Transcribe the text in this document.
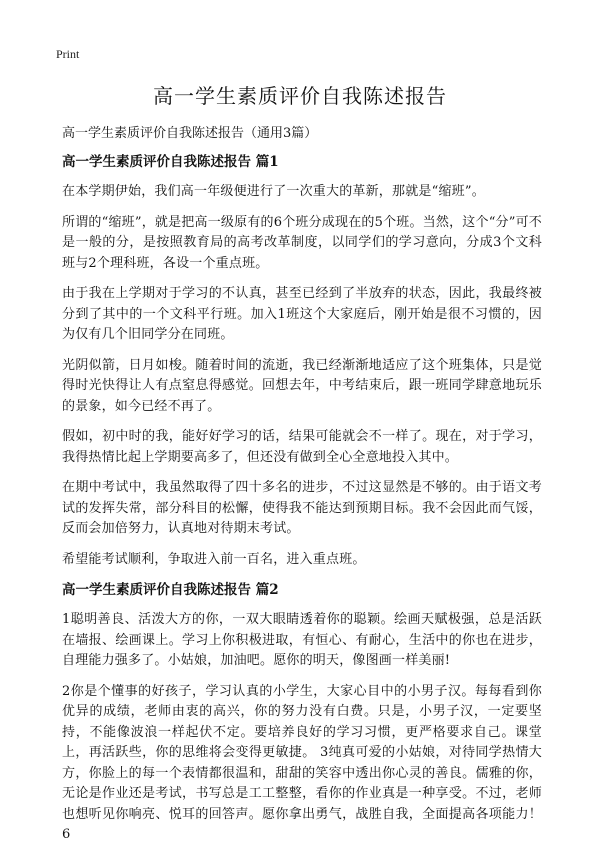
Print
高一学生素质评价自我陈述报告

高一学生素质评价自我陈述报告（通用3篇）

高一学生素质评价自我陈述报告 篇1

在本学期伊始，我们高一年级便进行了一次重大的革新，那就是“缩班”。

所谓的“缩班”，就是把高一级原有的6个班分成现在的5个班。当然，这个“分”可不是一般的分，是按照教育局的高考改革制度，以同学们的学习意向，分成3个文科班与2个理科班，各设一个重点班。

由于我在上学期对于学习的不认真，甚至已经到了半放弃的状态，因此，我最终被分到了其中的一个文科平行班。加入1班这个大家庭后，刚开始是很不习惯的，因为仅有几个旧同学分在同班。

光阴似箭，日月如梭。随着时间的流逝，我已经渐渐地适应了这个班集体，只是觉得时光快得让人有点窒息得感觉。回想去年，中考结束后，跟一班同学肆意地玩乐的景象，如今已经不再了。

假如，初中时的我，能好好学习的话，结果可能就会不一样了。现在，对于学习，我得热情比起上学期要高多了，但还没有做到全心全意地投入其中。

在期中考试中，我虽然取得了四十多名的进步，不过这显然是不够的。由于语文考试的发挥失常，部分科目的松懈，使得我不能达到预期目标。我不会因此而气馁，反而会加倍努力，认真地对待期末考试。

希望能考试顺利，争取进入前一百名，进入重点班。

高一学生素质评价自我陈述报告 篇2

1聪明善良、活泼大方的你，一双大眼睛透着你的聪颖。绘画天赋极强，总是活跃在墙报、绘画课上。学习上你积极进取，有恒心、有耐心，生活中的你也在进步，自理能力强多了。小姑娘，加油吧。愿你的明天，像图画一样美丽!

2你是个懂事的好孩子，学习认真的小学生，大家心目中的小男子汉。每每看到你优异的成绩，老师由衷的高兴，你的努力没有白费。只是，小男子汉，一定要坚持，不能像波浪一样起伏不定。要培养良好的学习习惯，更严格要求自己。课堂上，再活跃些，你的思维将会变得更敏捷。 3纯真可爱的小姑娘，对待同学热情大方，你脸上的每一个表情都很温和，甜甜的笑容中透出你心灵的善良。儒雅的你，无论是作业还是考试，书写总是工工整整，看你的作业真是一种享受。不过，老师也想听见你响亮、悦耳的回答声。愿你拿出勇气，战胜自我，全面提高各项能力！6
